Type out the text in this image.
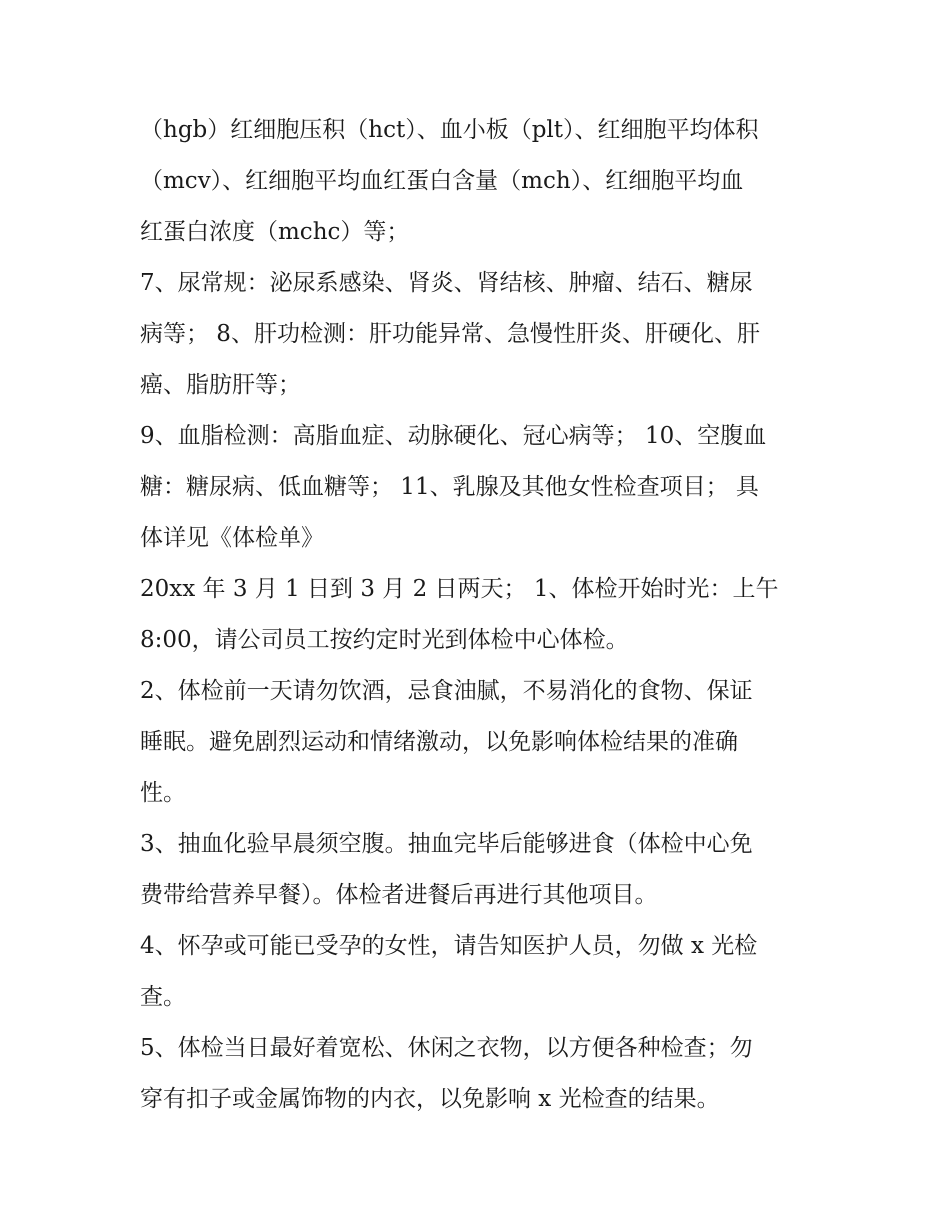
（hgb）红细胞压积（hct）、血小板（plt）、红细胞平均体积
（mcv）、红细胞平均血红蛋白含量（mch）、红细胞平均血
红蛋白浓度（mchc）等；
7、尿常规：泌尿系感染、肾炎、肾结核、肿瘤、结石、糖尿
病等； 8、肝功检测：肝功能异常、急慢性肝炎、肝硬化、肝
癌、脂肪肝等；
9、血脂检测：高脂血症、动脉硬化、冠心病等； 10、空腹血
糖：糖尿病、低血糖等； 11、乳腺及其他女性检查项目； 具
体详见《体检单》
20xx 年 3 月 1 日到 3 月 2 日两天； 1、体检开始时光：上午
8:00，请公司员工按约定时光到体检中心体检。
2、体检前一天请勿饮酒，忌食油腻，不易消化的食物、保证
睡眠。避免剧烈运动和情绪激动，以免影响体检结果的准确
性。
3、抽血化验早晨须空腹。抽血完毕后能够进食（体检中心免
费带给营养早餐）。体检者进餐后再进行其他项目。
4、怀孕或可能已受孕的女性，请告知医护人员，勿做 x 光检
查。
5、体检当日最好着宽松、休闲之衣物，以方便各种检查；勿
穿有扣子或金属饰物的内衣，以免影响 x 光检查的结果。
